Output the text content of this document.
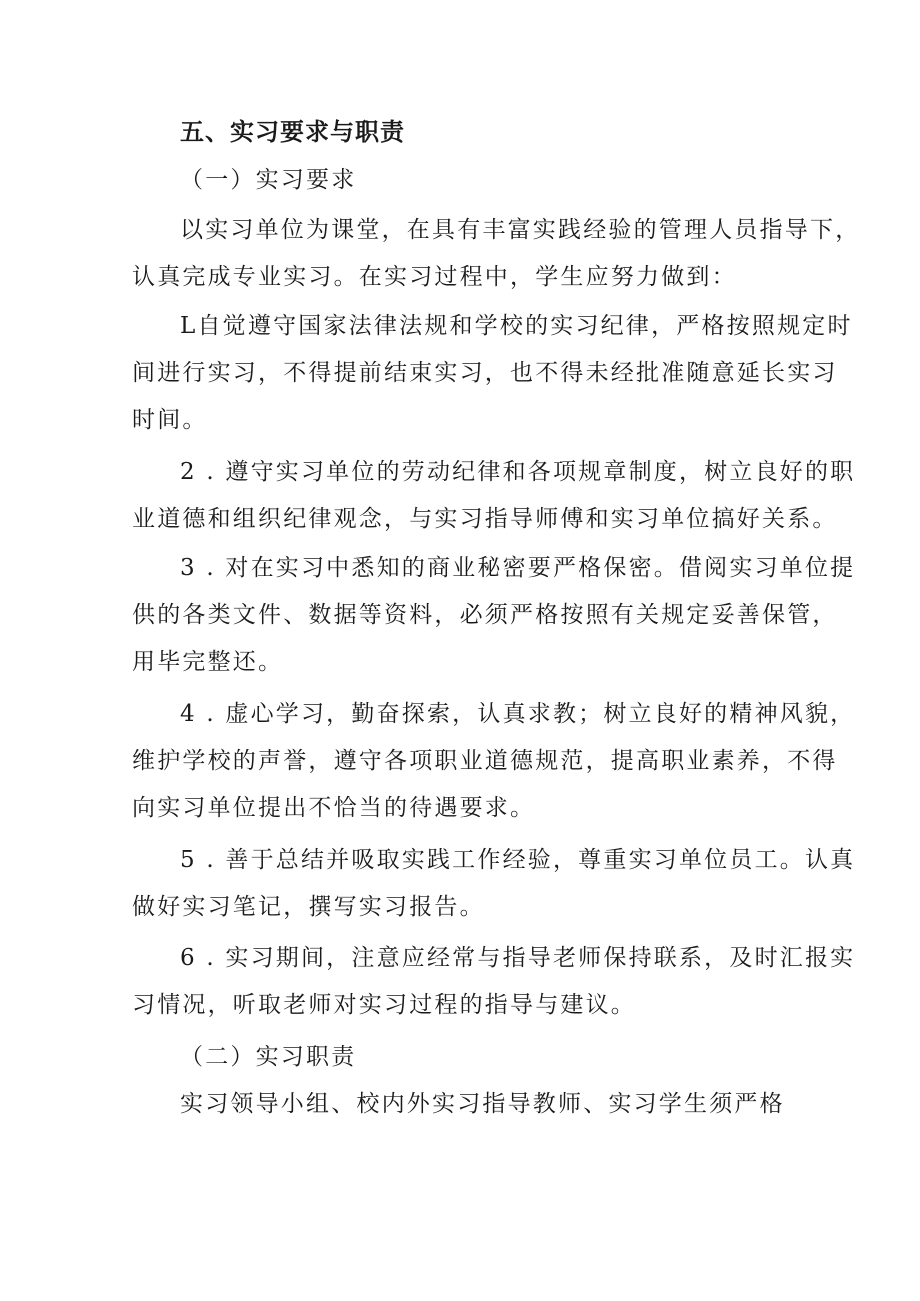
五、实习要求与职责
（一）实习要求
以实习单位为课堂，在具有丰富实践经验的管理人员指导下，
认真完成专业实习。在实习过程中，学生应努力做到：
L自觉遵守国家法律法规和学校的实习纪律，严格按照规定时
间进行实习，不得提前结束实习，也不得未经批准随意延长实习
时间。
2 . 遵守实习单位的劳动纪律和各项规章制度，树立良好的职
业道德和组织纪律观念，与实习指导师傅和实习单位搞好关系。
3 . 对在实习中悉知的商业秘密要严格保密。借阅实习单位提
供的各类文件、数据等资料，必须严格按照有关规定妥善保管，
用毕完整还。
4 . 虚心学习，勤奋探索，认真求教；树立良好的精神风貌，
维护学校的声誉，遵守各项职业道德规范，提高职业素养，不得
向实习单位提出不恰当的待遇要求。
5 . 善于总结并吸取实践工作经验，尊重实习单位员工。认真
做好实习笔记，撰写实习报告。
6 . 实习期间，注意应经常与指导老师保持联系，及时汇报实
习情况，听取老师对实习过程的指导与建议。
（二）实习职责
实习领导小组、校内外实习指导教师、实习学生须严格
